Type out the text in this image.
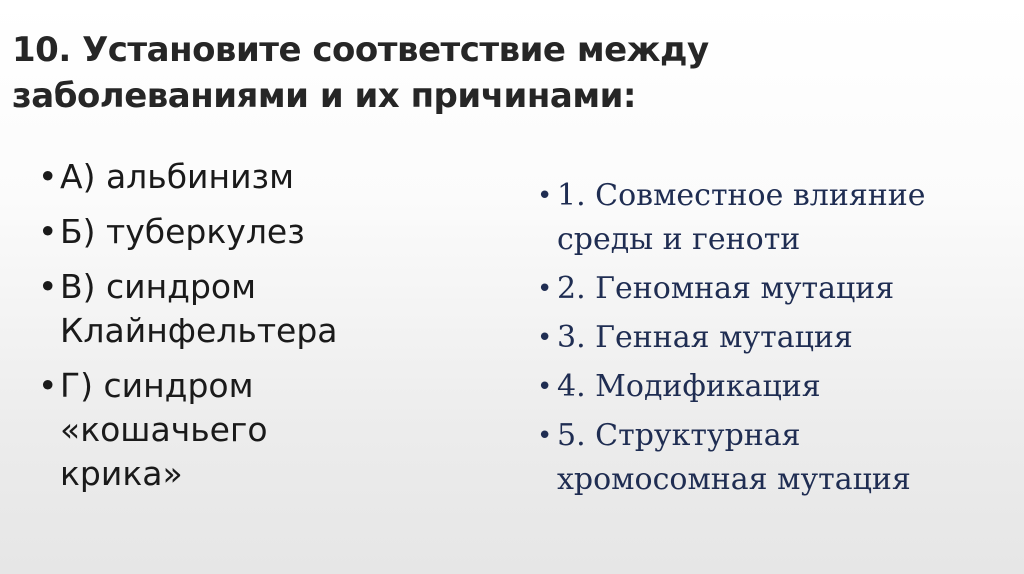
10. Установите соответствие между
заболеваниями и их причинами:
• А) альбинизм
• Б) туберкулез
• В) синдром
Клайнфельтера
• Г) синдром
«кошачьего
крика»
• 1. Совместное влияние
среды и геноти
• 2. Геномная мутация
• 3. Генная мутация
• 4. Модификация
• 5. Структурная
хромосомная мутация
